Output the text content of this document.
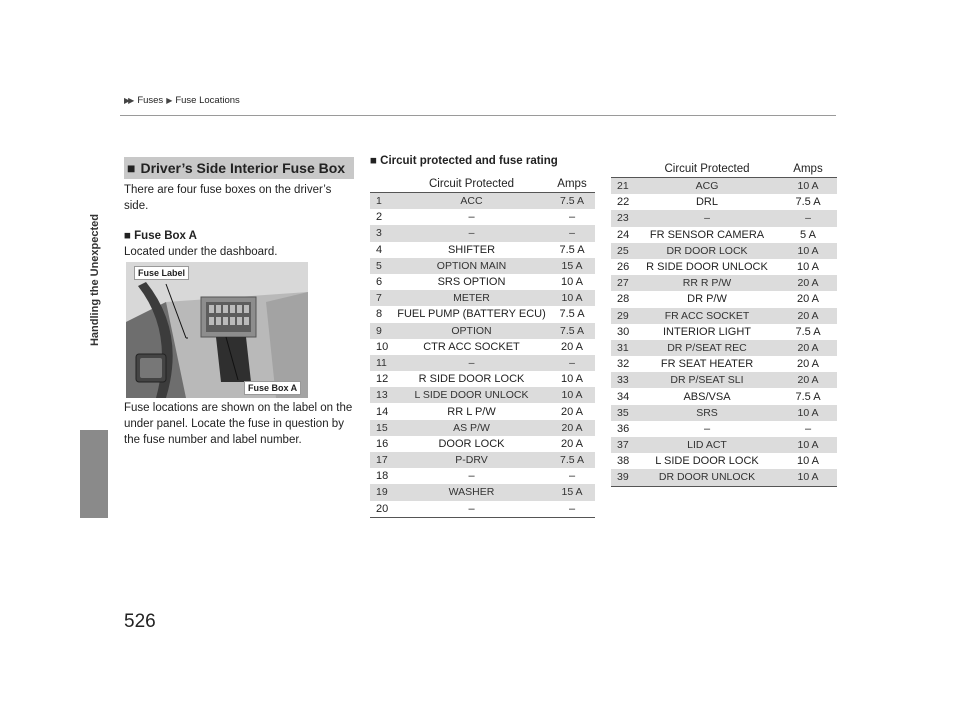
▶▶ Fuses ▶ Fuse Locations
Handling the Unexpected
■ Driver’s Side Interior Fuse Box
There are four fuse boxes on the driver’s side.
■ Fuse Box A
Located under the dashboard.
Fuse Label
Fuse Box A
Fuse locations are shown on the label on the under panel. Locate the fuse in question by the fuse number and label number.
526
■ Circuit protected and fuse rating
	Circuit Protected	Amps
1	ACC	7.5 A
2	–	–
3	–	–
4	SHIFTER	7.5 A
5	OPTION MAIN	15 A
6	SRS OPTION	10 A
7	METER	10 A
8	FUEL PUMP (BATTERY ECU)	7.5 A
9	OPTION	7.5 A
10	CTR ACC SOCKET	20 A
11	–	–
12	R SIDE DOOR LOCK	10 A
13	L SIDE DOOR UNLOCK	10 A
14	RR L P/W	20 A
15	AS P/W	20 A
16	DOOR LOCK	20 A
17	P-DRV	7.5 A
18	–	–
19	WASHER	15 A
20	–	–
	Circuit Protected	Amps
21	ACG	10 A
22	DRL	7.5 A
23	–	–
24	FR SENSOR CAMERA	5 A
25	DR DOOR LOCK	10 A
26	R SIDE DOOR UNLOCK	10 A
27	RR R P/W	20 A
28	DR P/W	20 A
29	FR ACC SOCKET	20 A
30	INTERIOR LIGHT	7.5 A
31	DR P/SEAT REC	20 A
32	FR SEAT HEATER	20 A
33	DR P/SEAT SLI	20 A
34	ABS/VSA	7.5 A
35	SRS	10 A
36	–	–
37	LID ACT	10 A
38	L SIDE DOOR LOCK	10 A
39	DR DOOR UNLOCK	10 A
